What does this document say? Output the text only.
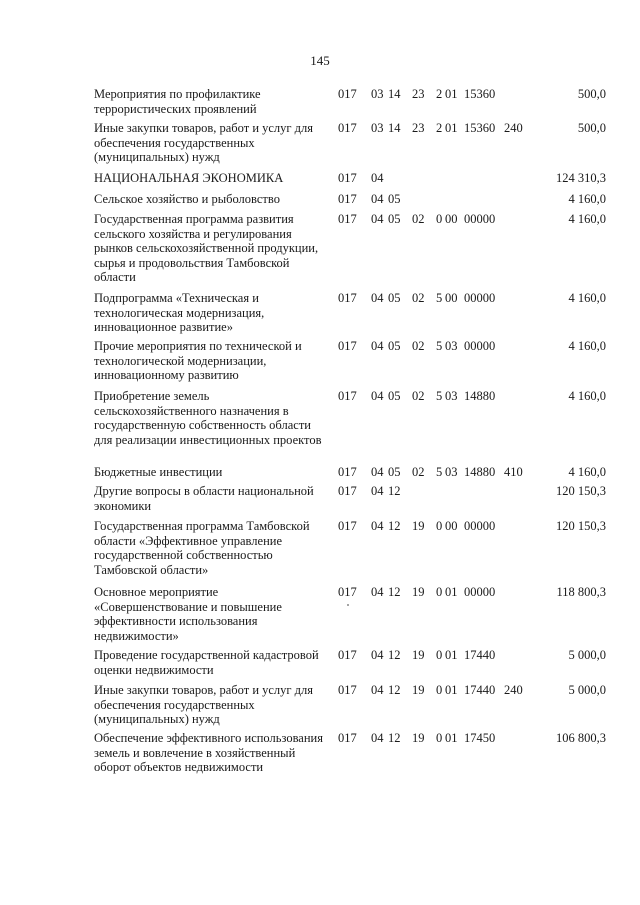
145
Мероприятия по профилактике террористических проявлений
017 03 14 23 2 01 15360	500,0
Иные закупки товаров, работ и услуг для обеспечения государственных (муниципальных) нужд
017 03 14 23 2 01 15360 240	500,0
НАЦИОНАЛЬНАЯ ЭКОНОМИКА	017 04	124 310,3
Сельское хозяйство и рыболовство	017 04 05	4 160,0
Государственная программа развития сельского хозяйства и регулирования рынков сельскохозяйственной продукции, сырья и продовольствия Тамбовской области
017 04 05 02 0 00 00000	4 160,0
Подпрограмма «Техническая и технологическая модернизация, инновационное развитие»
017 04 05 02 5 00 00000	4 160,0
Прочие мероприятия по технической и технологической модернизации, инновационному развитию
017 04 05 02 5 03 00000	4 160,0
Приобретение земель сельскохозяйственного назначения в государственную собственность области для реализации инвестиционных проектов
017 04 05 02 5 03 14880	4 160,0
Бюджетные инвестиции	017 04 05 02 5 03 14880 410	4 160,0
Другие вопросы в области национальной экономики
017 04 12	120 150,3
Государственная программа Тамбовской области «Эффективное управление государственной собственностью Тамбовской области»
017 04 12 19 0 00 00000	120 150,3
Основное мероприятие «Совершенствование и повышение эффективности использования недвижимости»
017 04 12 19 0 01 00000	118 800,3
Проведение государственной кадастровой оценки недвижимости
017 04 12 19 0 01 17440	5 000,0
Иные закупки товаров, работ и услуг для обеспечения государственных (муниципальных) нужд
017 04 12 19 0 01 17440 240	5 000,0
Обеспечение эффективного использования земель и вовлечение в хозяйственный оборот объектов недвижимости
017 04 12 19 0 01 17450	106 800,3
